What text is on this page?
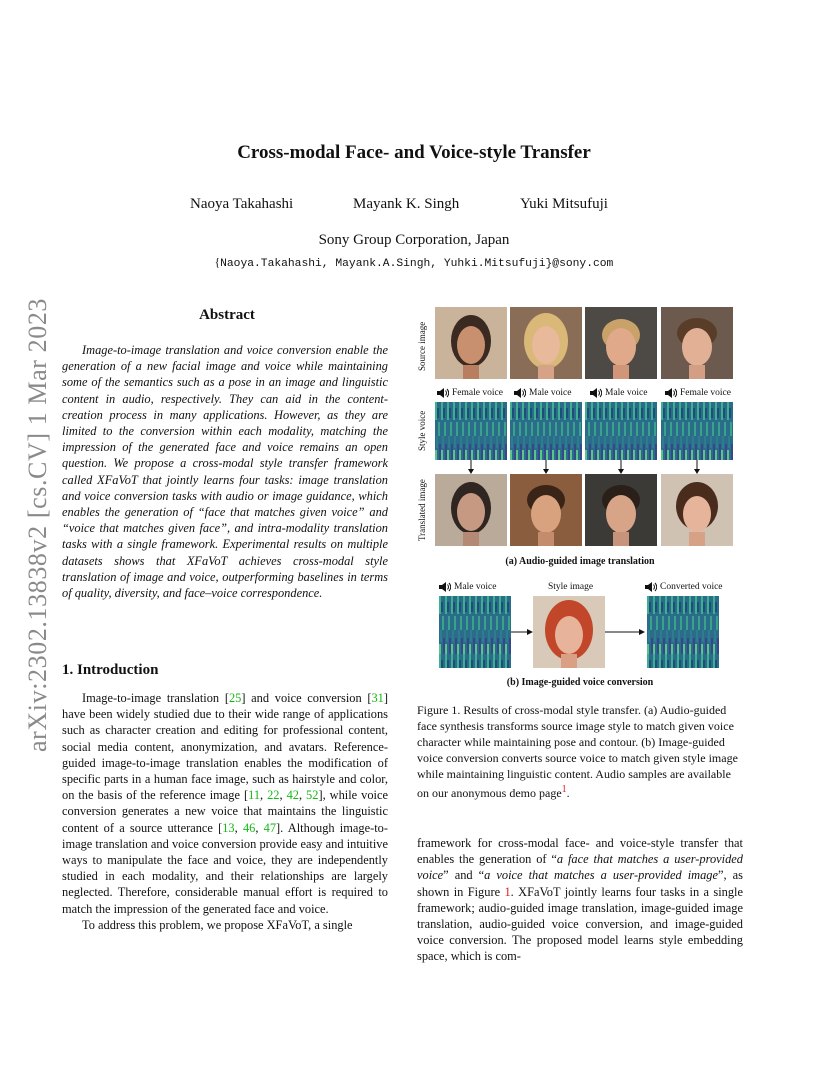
arXiv:2302.13838v2 [cs.CV] 1 Mar 2023
Cross-modal Face- and Voice-style Transfer
Naoya Takahashi	Mayank K. Singh	Yuki Mitsufuji
Sony Group Corporation, Japan
{Naoya.Takahashi, Mayank.A.Singh, Yuhki.Mitsufuji}@sony.com
Abstract
Image-to-image translation and voice conversion enable the generation of a new facial image and voice while maintaining some of the semantics such as a pose in an image and linguistic content in audio, respectively. They can aid in the content-creation process in many applications. However, as they are limited to the conversion within each modality, matching the impression of the generated face and voice remains an open question. We propose a cross-modal style transfer framework called XFaVoT that jointly learns four tasks: image translation and voice conversion tasks with audio or image guidance, which enables the generation of “face that matches given voice” and “voice that matches given face”, and intra-modality translation tasks with a single framework. Experimental results on multiple datasets shows that XFaVoT achieves cross-modal style translation of image and voice, outperforming baselines in terms of quality, diversity, and face–voice correspondence.
1. Introduction

Image-to-image translation [25] and voice conversion [31] have been widely studied due to their wide range of applications such as character creation and editing for professional content, social media content, anonymization, and avatars. Reference-guided image-to-image translation enables the modification of specific parts in a human face image, such as hairstyle and color, on the basis of the reference image [11, 22, 42, 52], while voice conversion generates a new voice that maintains the linguistic content of a source utterance [13, 46, 47]. Although image-to-image translation and voice conversion provide easy and intuitive ways to manipulate the face and voice, they are independently studied in each modality, and their relationships are largely neglected. Therefore, considerable manual effort is required to match the impression of the generated face and voice.

To address this problem, we propose XFaVoT, a single

Source image
Style voice
Translated image
Female voice	Male voice	Male voice	Female voice
(a) Audio-guided image translation
Male voice	Style image	Converted voice
(b) Image-guided voice conversion
Figure 1. Results of cross-modal style transfer. (a) Audio-guided face synthesis transforms source image style to match given voice character while maintaining pose and contour. (b) Image-guided voice conversion converts source voice to match given style image while maintaining linguistic content. Audio samples are available on our anonymous demo page$^1$.

framework for cross-modal face- and voice-style transfer that enables the generation of “a face that matches a user-provided voice” and “a voice that matches a user-provided image”, as shown in Figure 1. XFaVoT jointly learns four tasks in a single framework; audio-guided image translation, image-guided image translation, audio-guided voice conversion, and image-guided voice conversion. The proposed model learns style embedding space, which is com-
